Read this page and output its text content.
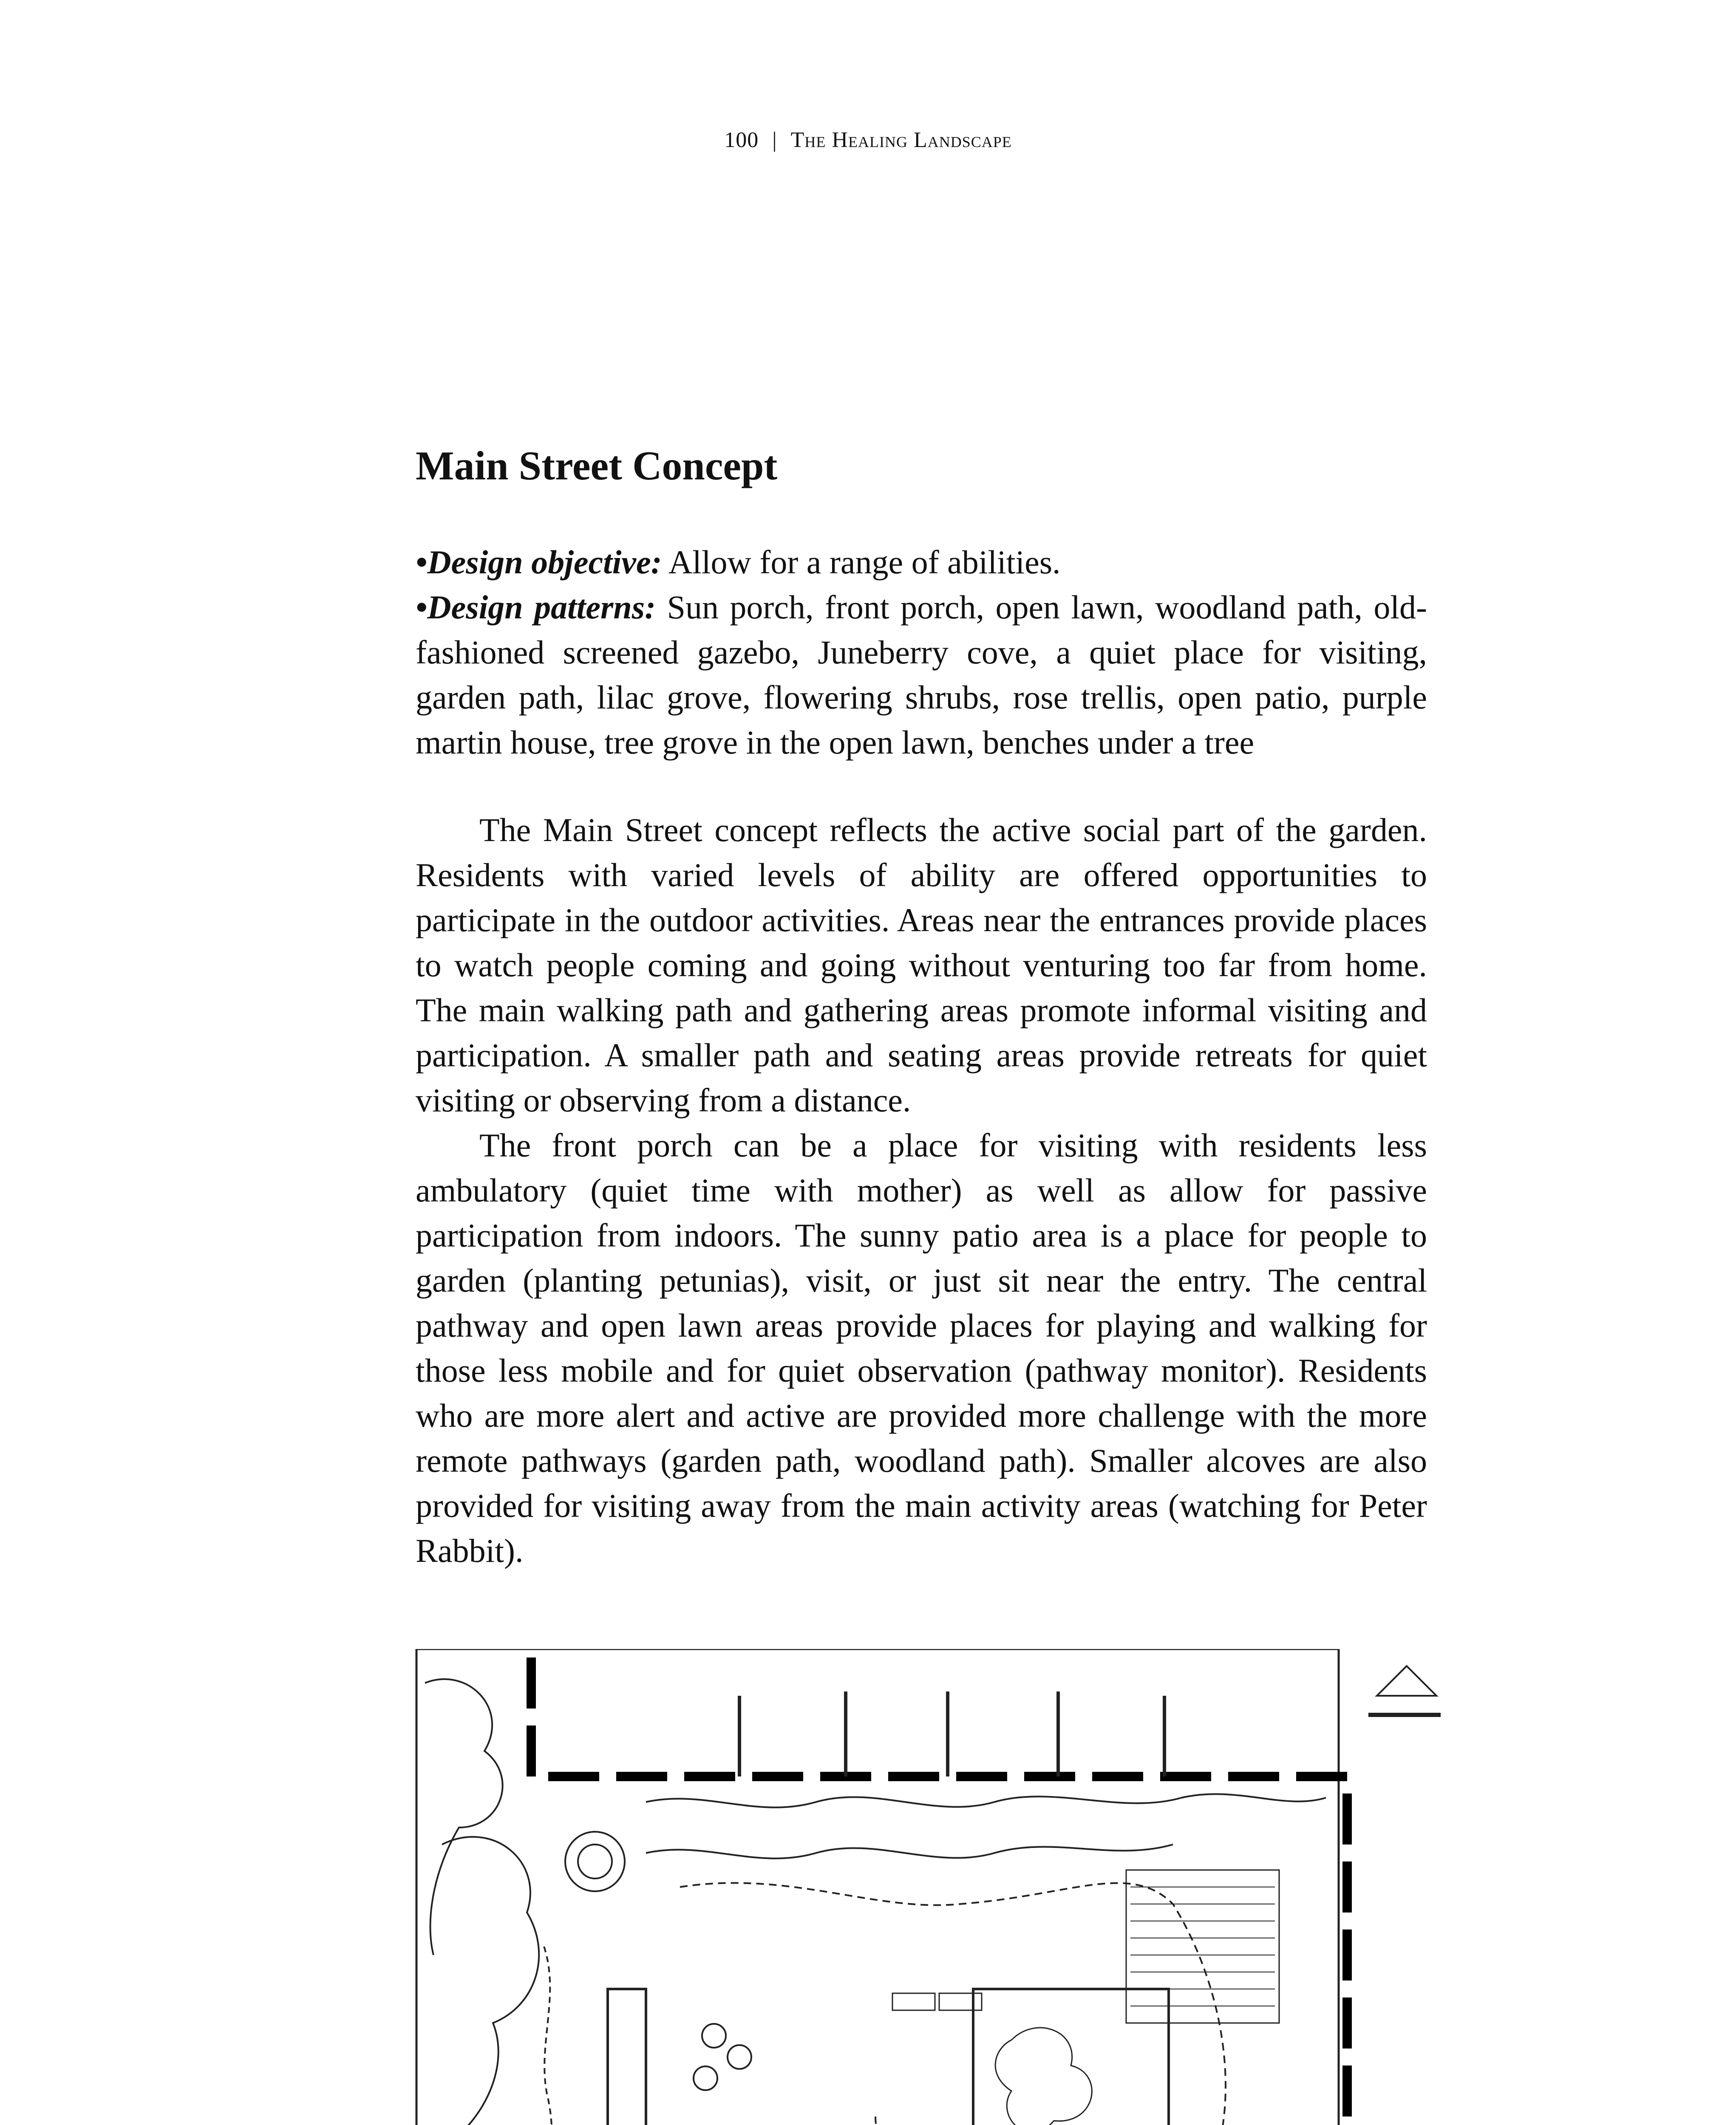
100 | The Healing Landscape
Main Street Concept

•Design objective: Allow for a range of abilities.

•Design patterns: Sun porch, front porch, open lawn, woodland path, old-fashioned screened gazebo, Juneberry cove, a quiet place for visiting, garden path, lilac grove, flowering shrubs, rose trellis, open patio, purple martin house, tree grove in the open lawn, benches under a tree

The Main Street concept reflects the active social part of the garden. Residents with varied levels of ability are offered opportunities to participate in the outdoor activities. Areas near the entrances provide places to watch people coming and going without venturing too far from home. The main walking path and gathering areas promote informal visiting and participation. A smaller path and seating areas provide retreats for quiet visiting or observing from a distance.

The front porch can be a place for visiting with residents less ambulatory (quiet time with mother) as well as allow for passive participation from indoors. The sunny patio area is a place for people to garden (planting petunias), visit, or just sit near the entry. The central pathway and open lawn areas provide places for playing and walking for those less mobile and for quiet observation (pathway monitor). Residents who are more alert and active are provided more challenge with the more remote pathways (garden path, woodland path). Smaller alcoves are also provided for visiting away from the main activity areas (watching for Peter Rabbit).
